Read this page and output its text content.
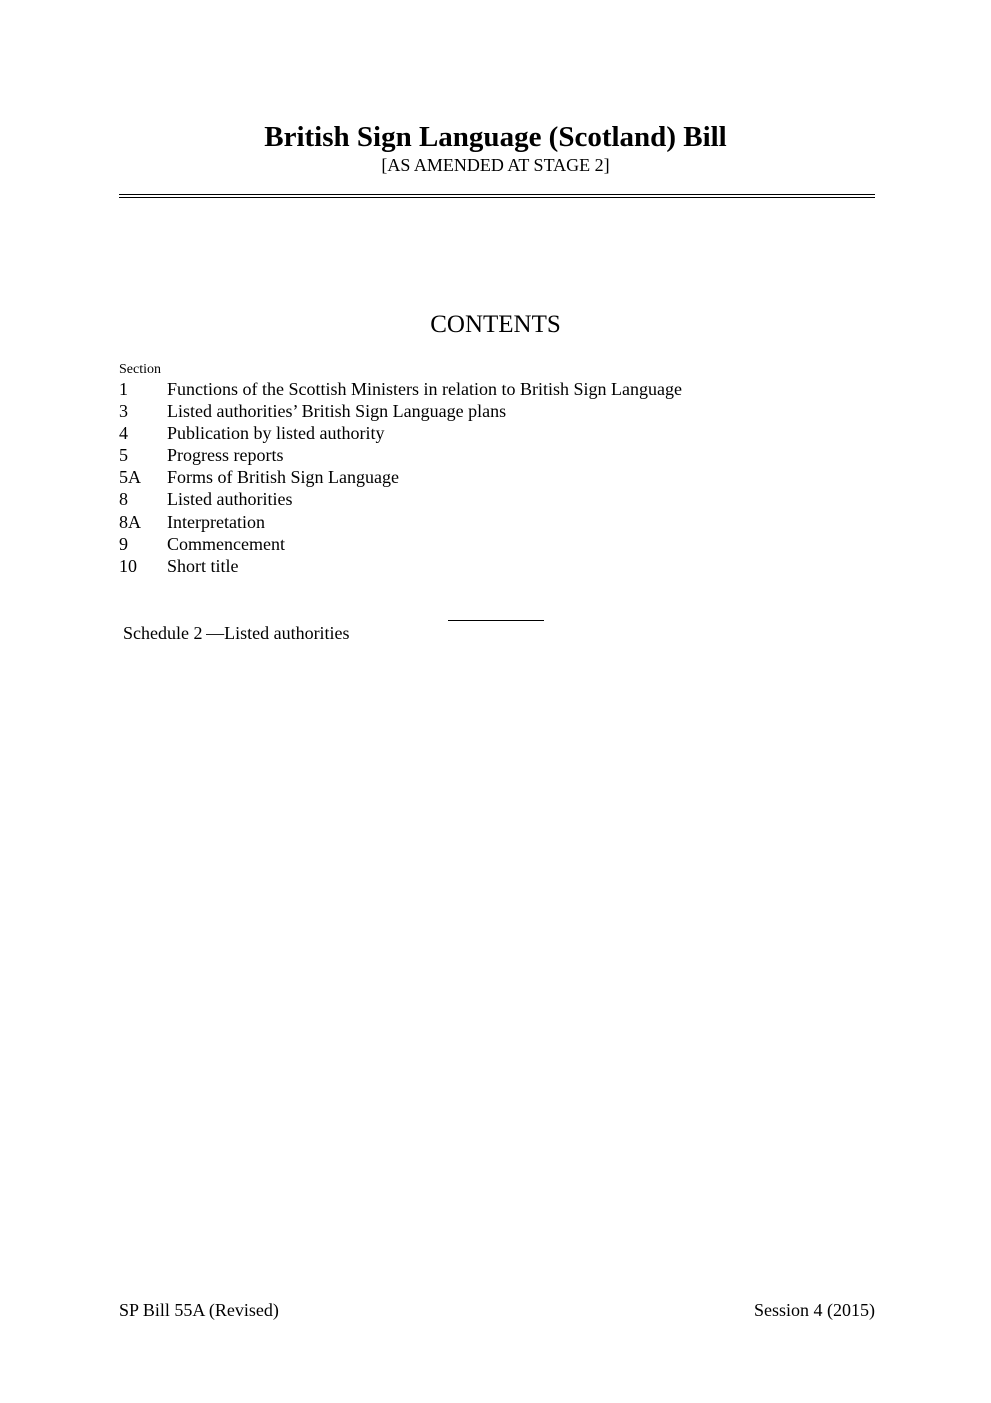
British Sign Language (Scotland) Bill
[AS AMENDED AT STAGE 2]
CONTENTS
Section
1	Functions of the Scottish Ministers in relation to British Sign Language
3	Listed authorities’ British Sign Language plans
4	Publication by listed authority
5	Progress reports
5A	Forms of British Sign Language
8	Listed authorities
8A	Interpretation
9	Commencement
10	Short title
Schedule 2 —Listed authorities
SP Bill 55A (Revised)	Session 4 (2015)
